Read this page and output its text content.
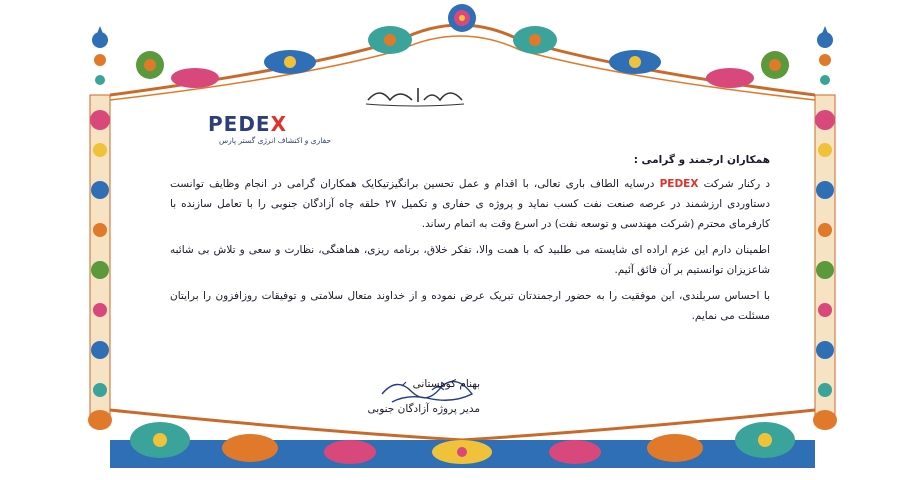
PEDEX
حفاری و اکتشاف انرژی گستر پارس

همکاران ارجمند و گرامی :

د رکنار شرکت PEDEX درسایه الطاف باری تعالی، با اقدام و عمل تحسین برانگیزتیکایک همکاران گرامی در انجام وظایف توانست دستاوردی ارزشمند در عرصه صنعت نفت کسب نماید و پروژه ی حفاری و تکمیل ۲۷ حلقه چاه آزادگان جنوبی را با تعامل سازنده با کارفرمای محترم (شرکت مهندسی و توسعه نفت) در اسرع وقت به اتمام رساند.

اطمینان دارم این عزم اراده ای شایسته می طلبید که با همت والا، تفکر خلاق، برنامه ریزی، هماهنگی، نظارت و سعی و تلاش بی شائبه شاعزیزان توانستیم بر آن فائق آئیم.

با احساس سربلندی، این موفقیت را به حضور ارجمندتان تبریک عرض نموده و از خداوند متعال سلامتی و توفیقات روزافزون را برایتان مسئلت می نمایم.

بهنام کوهستانی
مدیر پروژه آزادگان جنوبی
